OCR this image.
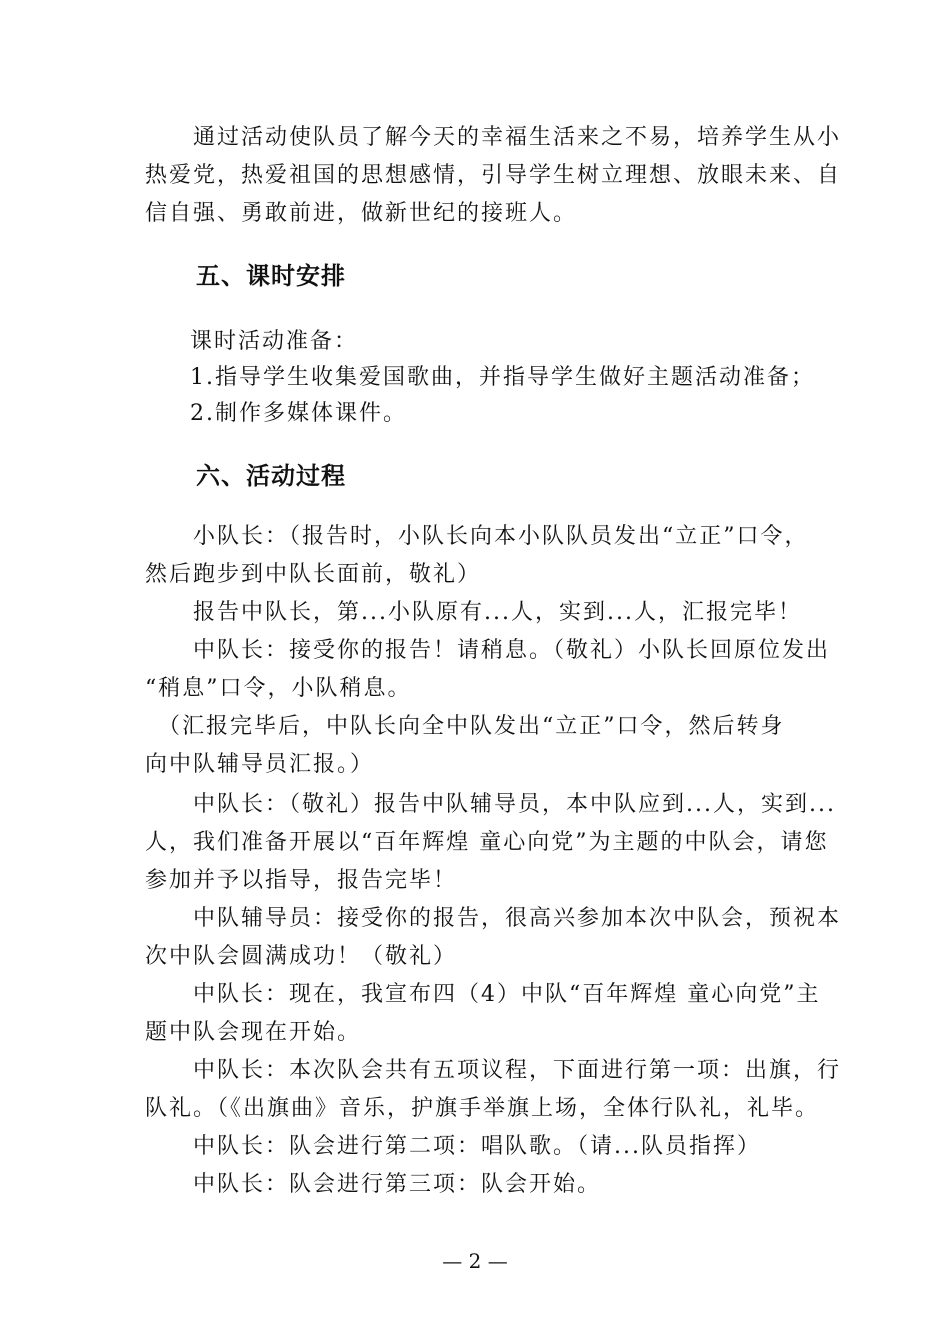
　　通过活动使队员了解今天的幸福生活来之不易，培养学生从小
热爱党，热爱祖国的思想感情，引导学生树立理想、放眼未来、自
信自强、勇敢前进，做新世纪的接班人。

五、课时安排

课时活动准备：

1.指导学生收集爱国歌曲，并指导学生做好主题活动准备；

2.制作多媒体课件。

六、活动过程

　　小队长：（报告时，小队长向本小队队员发出“立正”口令，
然后跑步到中队长面前，敬礼）

　　报告中队长，第...小队原有...人，实到...人，汇报完毕！

　　中队长：接受你的报告！请稍息。（敬礼）小队长回原位发出
“稍息”口令，小队稍息。

　（汇报完毕后，中队长向全中队发出“立正”口令，然后转身
向中队辅导员汇报。）

　　中队长：（敬礼）报告中队辅导员，本中队应到...人，实到...
人，我们准备开展以“百年辉煌 童心向党”为主题的中队会，请您
参加并予以指导，报告完毕！

　　中队辅导员：接受你的报告，很高兴参加本次中队会，预祝本
次中队会圆满成功！（敬礼）

　　中队长：现在，我宣布四（4）中队“百年辉煌 童心向党”主
题中队会现在开始。

　　中队长：本次队会共有五项议程，下面进行第一项：出旗，行
队礼。（《出旗曲》音乐，护旗手举旗上场，全体行队礼，礼毕。

　　中队长：队会进行第二项：唱队歌。（请...队员指挥）

　　中队长：队会进行第三项：队会开始。

— 2 —
